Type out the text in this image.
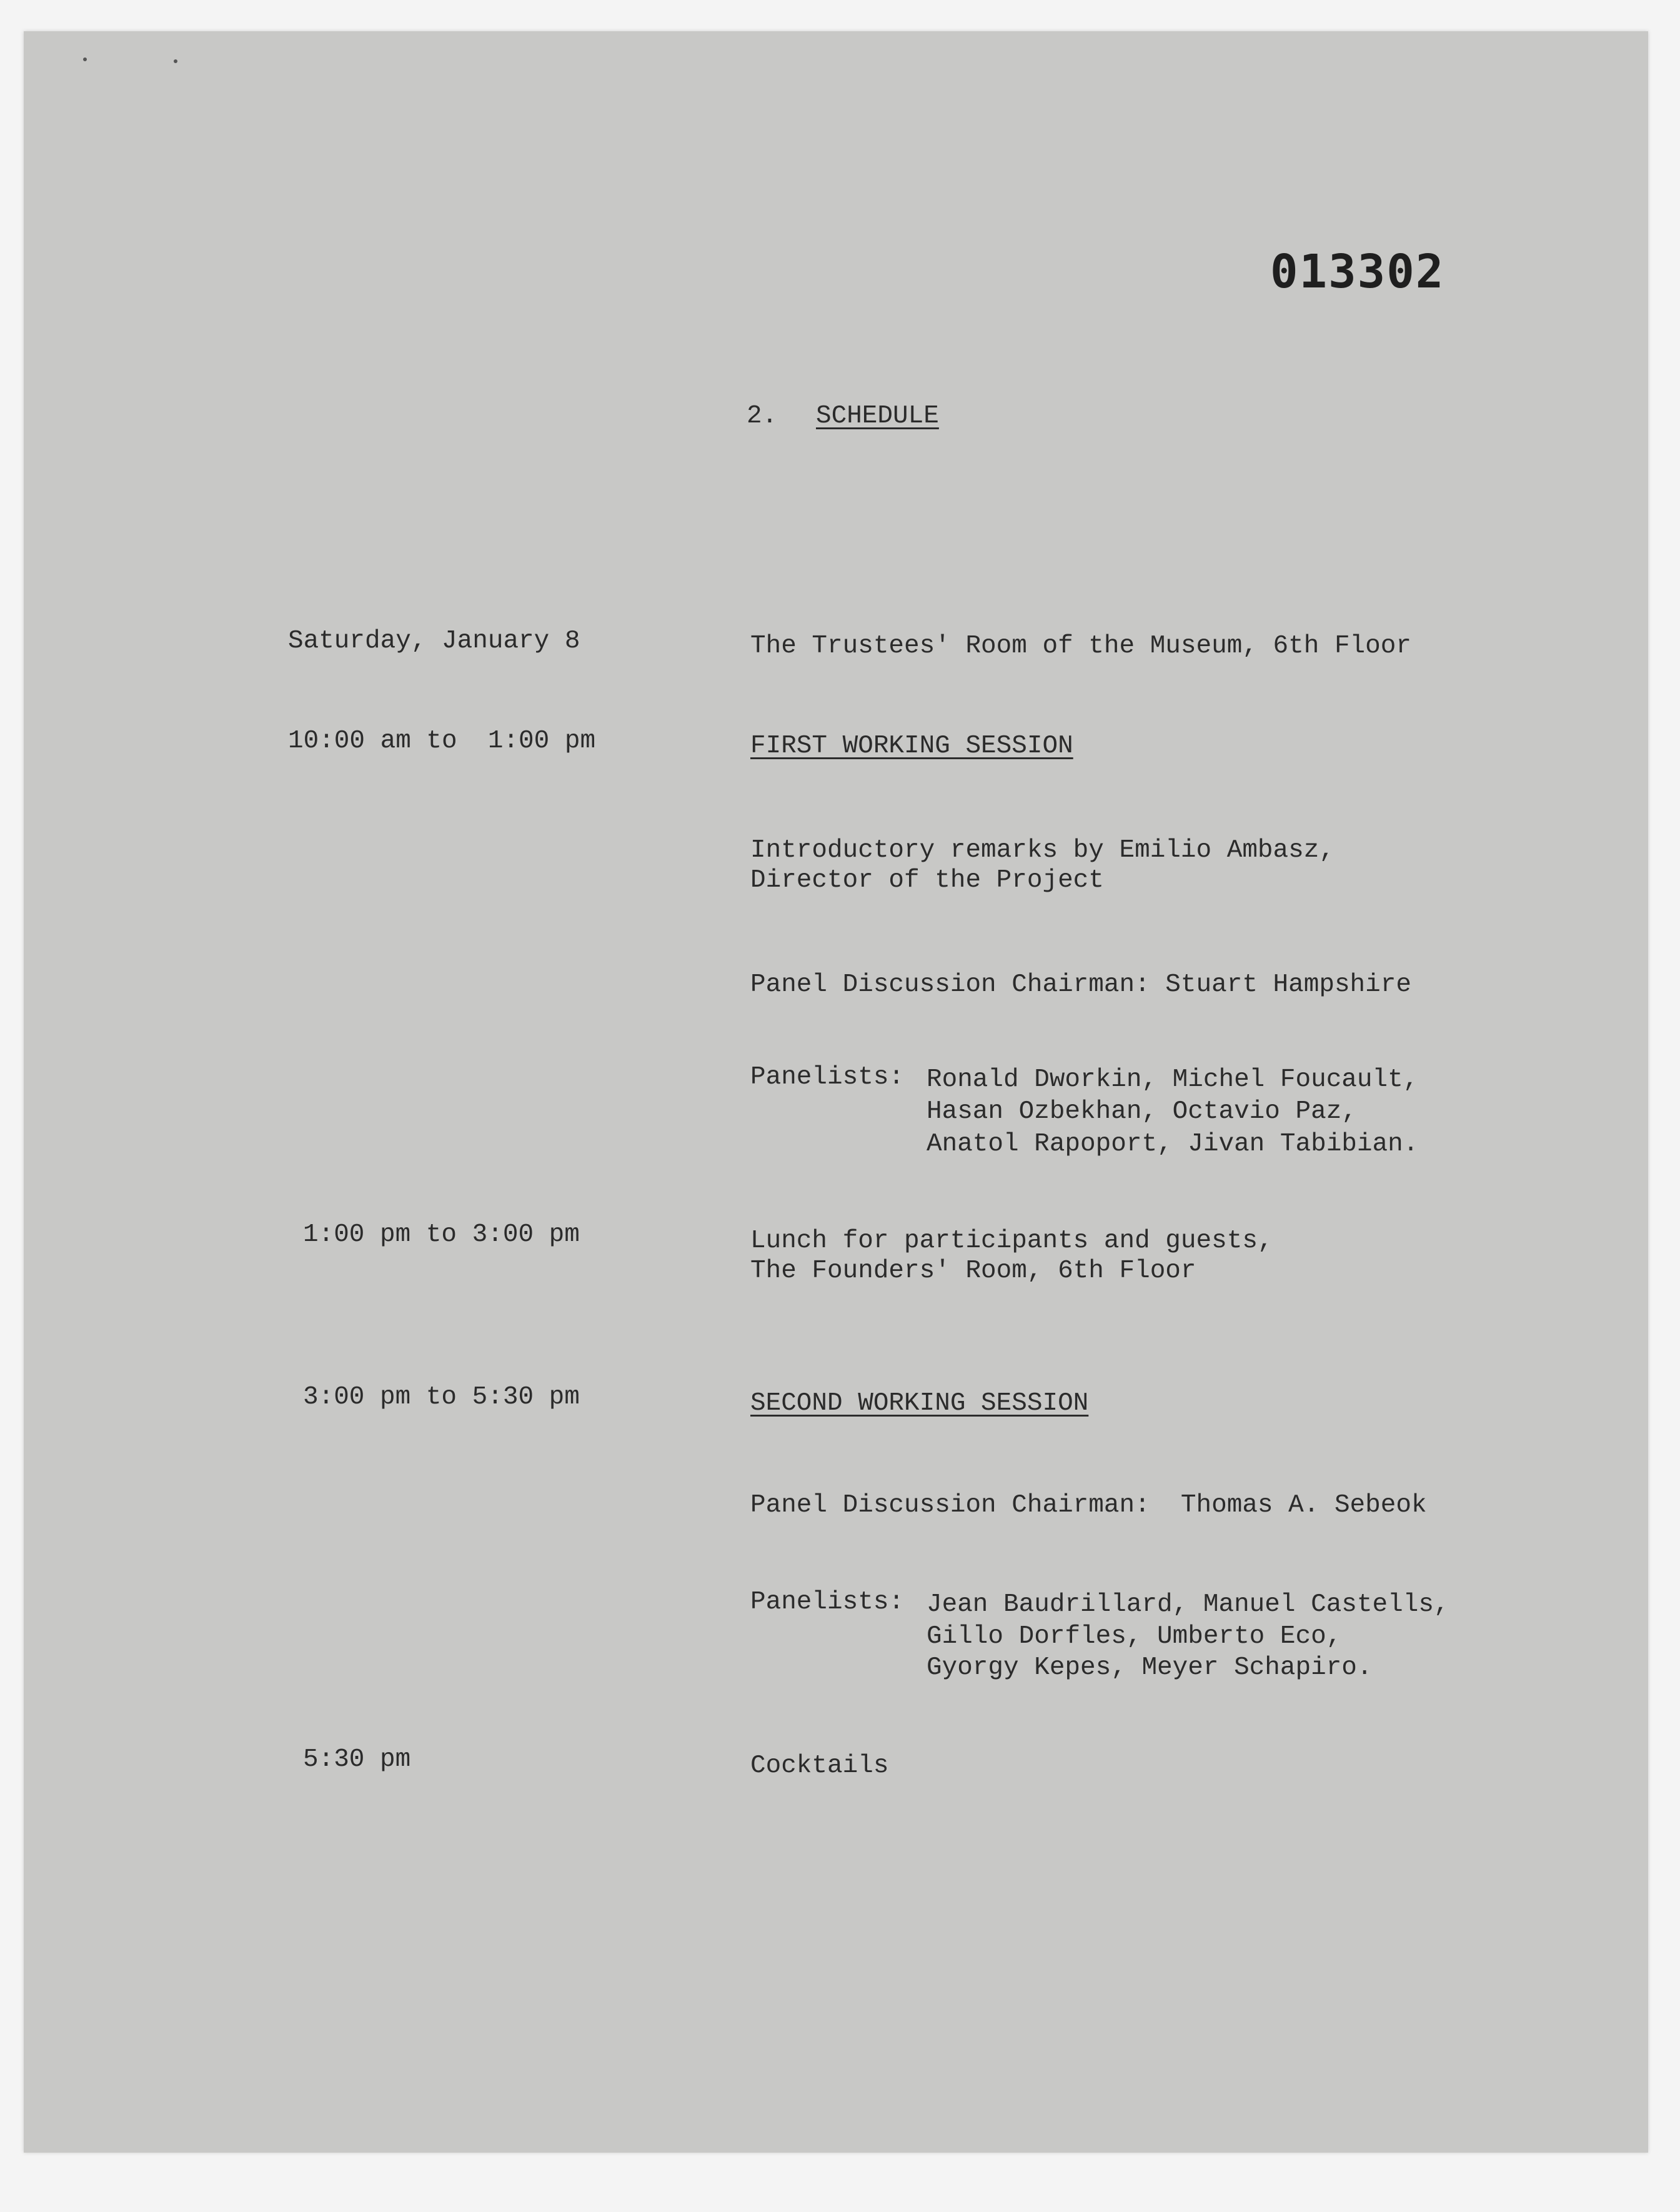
013302
2. SCHEDULE
Saturday, January 8	The Trustees' Room of the Museum, 6th Floor
10:00 am to  1:00 pm	FIRST WORKING SESSION
Introductory remarks by Emilio Ambasz,
Director of the Project
Panel Discussion Chairman: Stuart Hampshire
Panelists: Ronald Dworkin, Michel Foucault,
Hasan Ozbekhan, Octavio Paz,
Anatol Rapoport, Jivan Tabibian.
1:00 pm to 3:00 pm	Lunch for participants and guests,
The Founders' Room, 6th Floor
3:00 pm to 5:30 pm	SECOND WORKING SESSION
Panel Discussion Chairman:  Thomas A. Sebeok
Panelists: Jean Baudrillard, Manuel Castells,
Gillo Dorfles, Umberto Eco,
Gyorgy Kepes, Meyer Schapiro.
5:30 pm	Cocktails
